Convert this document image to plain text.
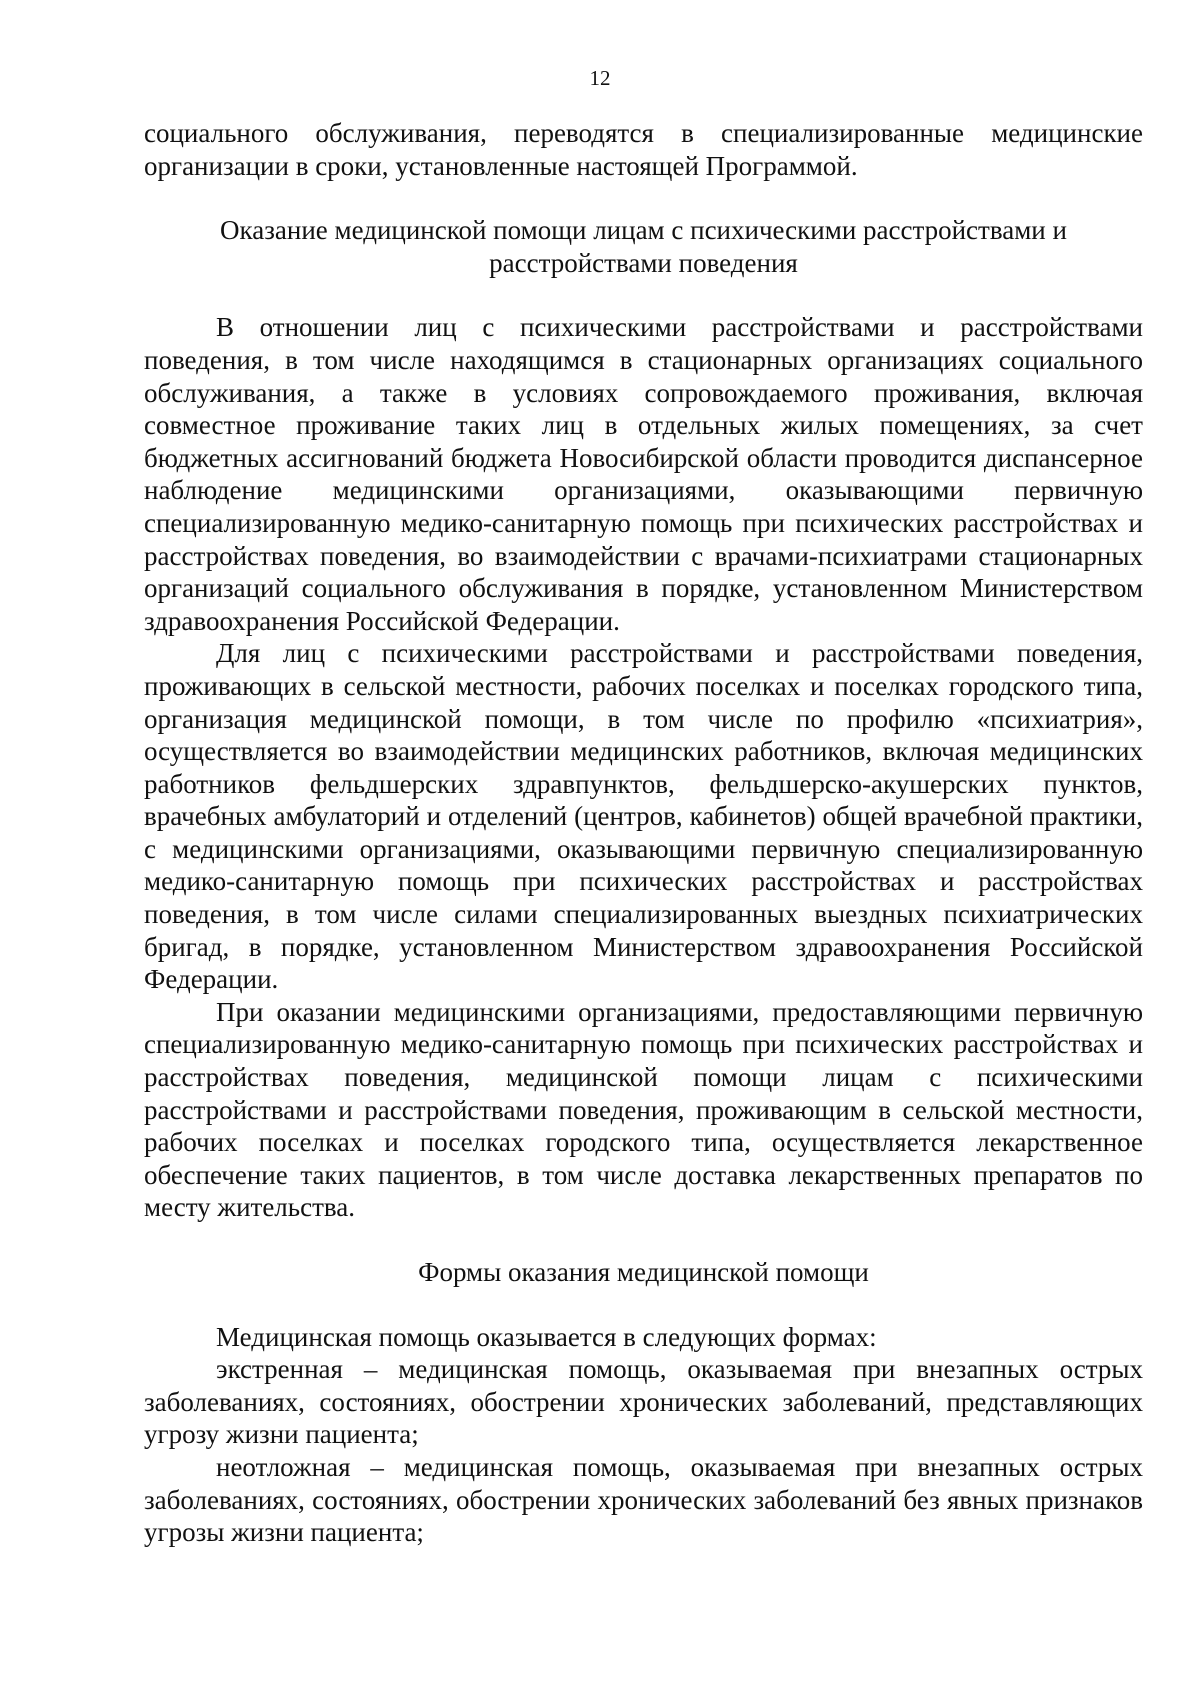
12

социального обслуживания, переводятся в специализированные медицинские организации в сроки, установленные настоящей Программой.

Оказание медицинской помощи лицам с психическими расстройствами и расстройствами поведения

В отношении лиц с психическими расстройствами и расстройствами поведения, в том числе находящимся в стационарных организациях социального обслуживания, а также в условиях сопровождаемого проживания, включая совместное проживание таких лиц в отдельных жилых помещениях, за счет бюджетных ассигнований бюджета Новосибирской области проводится диспансерное наблюдение медицинскими организациями, оказывающими первичную специализированную медико-санитарную помощь при психических расстройствах и расстройствах поведения, во взаимодействии с врачами-психиатрами стационарных организаций социального обслуживания в порядке, установленном Министерством здравоохранения Российской Федерации.

Для лиц с психическими расстройствами и расстройствами поведения, проживающих в сельской местности, рабочих поселках и поселках городского типа, организация медицинской помощи, в том числе по профилю «психиатрия», осуществляется во взаимодействии медицинских работников, включая медицинских работников фельдшерских здравпунктов, фельдшерско-акушерских пунктов, врачебных амбулаторий и отделений (центров, кабинетов) общей врачебной практики, с медицинскими организациями, оказывающими первичную специализированную медико-санитарную помощь при психических расстройствах и расстройствах поведения, в том числе силами специализированных выездных психиатрических бригад, в порядке, установленном Министерством здравоохранения Российской Федерации.

При оказании медицинскими организациями, предоставляющими первичную специализированную медико-санитарную помощь при психических расстройствах и расстройствах поведения, медицинской помощи лицам с психическими расстройствами и расстройствами поведения, проживающим в сельской местности, рабочих поселках и поселках городского типа, осуществляется лекарственное обеспечение таких пациентов, в том числе доставка лекарственных препаратов по месту жительства.

Формы оказания медицинской помощи

Медицинская помощь оказывается в следующих формах:

экстренная – медицинская помощь, оказываемая при внезапных острых заболеваниях, состояниях, обострении хронических заболеваний, представляющих угрозу жизни пациента;

неотложная – медицинская помощь, оказываемая при внезапных острых заболеваниях, состояниях, обострении хронических заболеваний без явных признаков угрозы жизни пациента;
